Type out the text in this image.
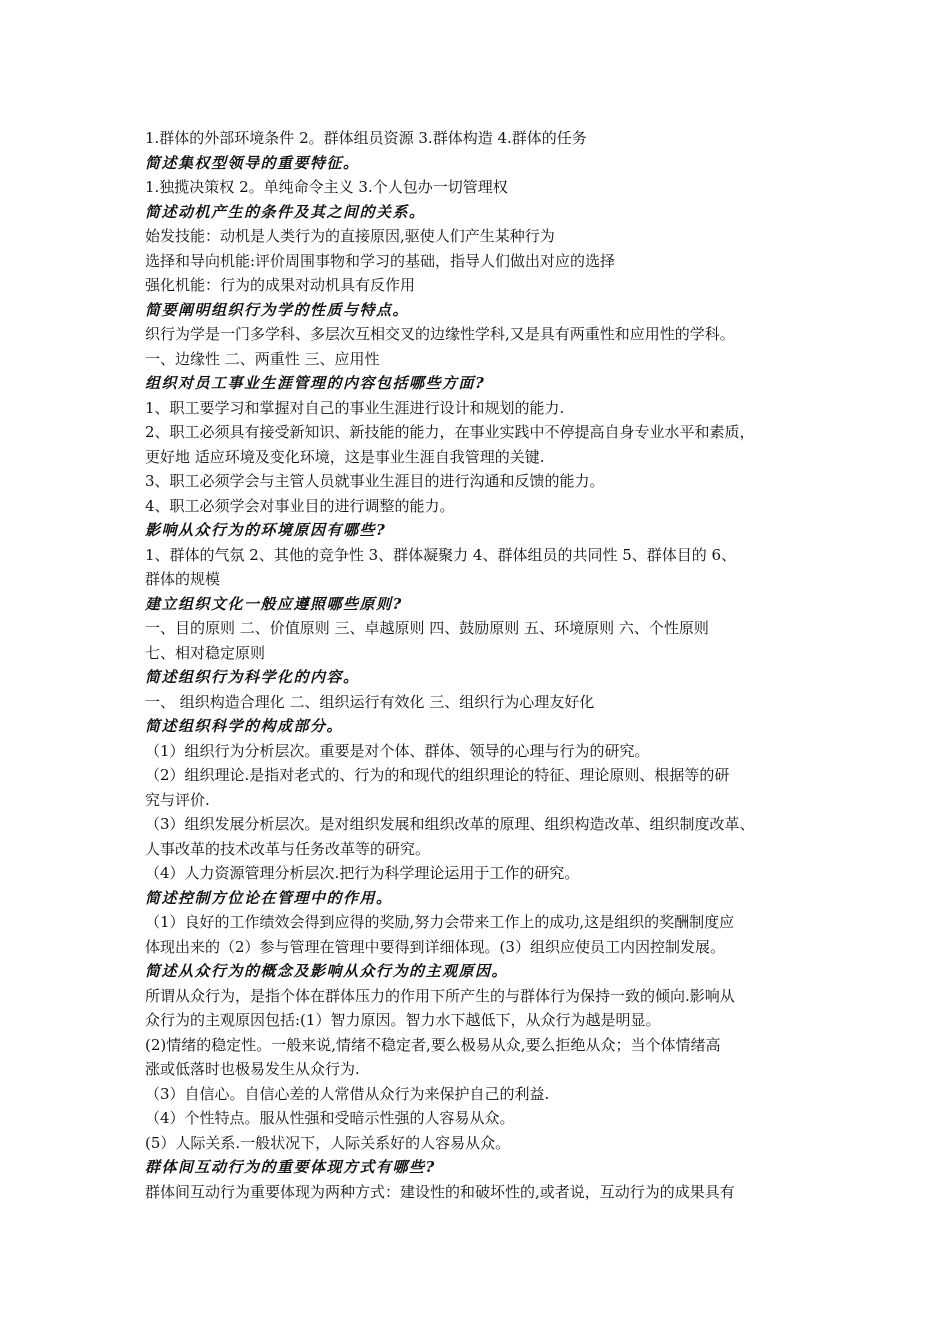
1.群体的外部环境条件 2。群体组员资源 3.群体构造 4.群体的任务
简述集权型领导的重要特征。
1.独揽决策权 2。单纯命令主义 3.个人包办一切管理权
简述动机产生的条件及其之间的关系。
始发技能：动机是人类行为的直接原因,驱使人们产生某种行为
选择和导向机能:评价周围事物和学习的基础，指导人们做出对应的选择
强化机能：行为的成果对动机具有反作用
简要阐明组织行为学的性质与特点。
织行为学是一门多学科、多层次互相交叉的边缘性学科,又是具有两重性和应用性的学科。
一、边缘性 二、两重性 三、应用性
组织对员工事业生涯管理的内容包括哪些方面?
1、职工要学习和掌握对自己的事业生涯进行设计和规划的能力.
2、职工必须具有接受新知识、新技能的能力，在事业实践中不停提高自身专业水平和素质，
更好地 适应环境及变化环境，这是事业生涯自我管理的关键.
3、职工必须学会与主管人员就事业生涯目的进行沟通和反馈的能力。
4、职工必须学会对事业目的进行调整的能力。
影响从众行为的环境原因有哪些?
1、群体的气氛 2、其他的竞争性 3、群体凝聚力 4、群体组员的共同性 5、群体目的 6、
群体的规模
建立组织文化一般应遵照哪些原则?
一、目的原则 二、价值原则 三、卓越原则 四、鼓励原则 五、环境原则 六、个性原则
七、相对稳定原则
简述组织行为科学化的内容。
一、 组织构造合理化 二、组织运行有效化 三、组织行为心理友好化
简述组织科学的构成部分。
（1）组织行为分析层次。重要是对个体、群体、领导的心理与行为的研究。
（2）组织理论.是指对老式的、行为的和现代的组织理论的特征、理论原则、根据等的研
究与评价.
（3）组织发展分析层次。是对组织发展和组织改革的原理、组织构造改革、组织制度改革、
人事改革的技术改革与任务改革等的研究。
（4）人力资源管理分析层次.把行为科学理论运用于工作的研究。
简述控制方位论在管理中的作用。
（1）良好的工作绩效会得到应得的奖励,努力会带来工作上的成功,这是组织的奖酬制度应
体现出来的（2）参与管理在管理中要得到详细体现。(3）组织应使员工内因控制发展。
简述从众行为的概念及影响从众行为的主观原因。
所谓从众行为，是指个体在群体压力的作用下所产生的与群体行为保持一致的倾向.影响从
众行为的主观原因包括:(1）智力原因。智力水下越低下，从众行为越是明显。
(2)情绪的稳定性。一般来说,情绪不稳定者,要么极易从众,要么拒绝从众；当个体情绪高
涨或低落时也极易发生从众行为.
（3）自信心。自信心差的人常借从众行为来保护自己的利益.
（4）个性特点。服从性强和受暗示性强的人容易从众。
(5）人际关系.一般状况下，人际关系好的人容易从众。
群体间互动行为的重要体现方式有哪些?
群体间互动行为重要体现为两种方式：建设性的和破坏性的,或者说，互动行为的成果具有
